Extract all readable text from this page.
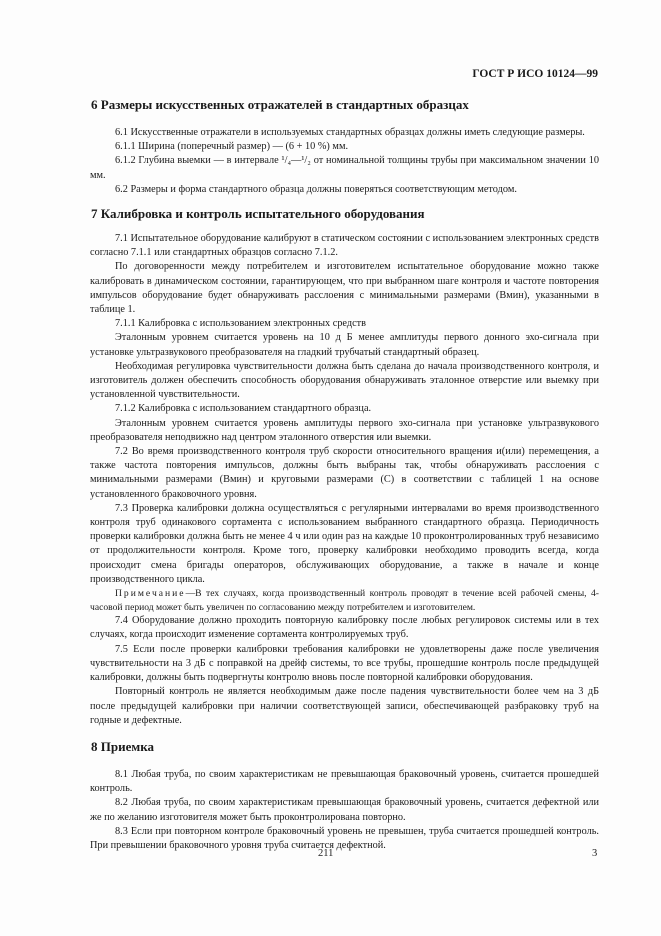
ГОСТ Р ИСО 10124—99
6 Размеры искусственных отражателей в стандартных образцах

6.1 Искусственные отражатели в используемых стандартных образцах должны иметь следующие размеры.

6.1.1 Ширина (поперечный размер) — (6 + 10 %) мм.

6.1.2 Глубина выемки — в интервале ¹/₄—¹/₂ от номинальной толщины трубы при максимальном значении 10 мм.

6.2 Размеры и форма стандартного образца должны поверяться соответствующим методом.

7 Калибровка и контроль испытательного оборудования

7.1 Испытательное оборудование калибруют в статическом состоянии с использованием электронных средств согласно 7.1.1 или стандартных образцов согласно 7.1.2.

По договоренности между потребителем и изготовителем испытательное оборудование можно также калибровать в динамическом состоянии, гарантирующем, что при выбранном шаге контроля и частоте повторения импульсов оборудование будет обнаруживать расслоения с минимальными размерами (Bмин), указанными в таблице 1.

7.1.1 Калибровка с использованием электронных средств

Эталонным уровнем считается уровень на 10 д Б менее амплитуды первого донного эхо-сигнала при установке ультразвукового преобразователя на гладкий трубчатый стандартный образец.

Необходимая регулировка чувствительности должна быть сделана до начала производственного контроля, и изготовитель должен обеспечить способность оборудования обнаруживать эталонное отверстие или выемку при установленной чувствительности.

7.1.2 Калибровка с использованием стандартного образца.

Эталонным уровнем считается уровень амплитуды первого эхо-сигнала при установке ультразвукового преобразователя неподвижно над центром эталонного отверстия или выемки.

7.2 Во время производственного контроля труб скорости относительного вращения и(или) перемещения, а также частота повторения импульсов, должны быть выбраны так, чтобы обнаруживать расслоения с минимальными размерами (Bмин) и круговыми размерами (C) в соответствии с таблицей 1 на основе установленного браковочного уровня.

7.3 Проверка калибровки должна осуществляться с регулярными интервалами во время производственного контроля труб одинакового сортамента с использованием выбранного стандартного образца. Периодичность проверки калибровки должна быть не менее 4 ч или один раз на каждые 10 проконтролированных труб независимо от продолжительности контроля. Кроме того, проверку калибровки необходимо проводить всегда, когда происходит смена бригады операторов, обслуживающих оборудование, а также в начале и конце производственного цикла.

Примечание—В тех случаях, когда производственный контроль проводят в течение всей рабочей смены, 4-часовой период может быть увеличен по согласованию между потребителем и изготовителем.

7.4 Оборудование должно проходить повторную калибровку после любых регулировок системы или в тех случаях, когда происходит изменение сортамента контролируемых труб.

7.5 Если после проверки калибровки требования калибровки не удовлетворены даже после увеличения чувствительности на 3 дБ с поправкой на дрейф системы, то все трубы, прошедшие контроль после предыдущей калибровки, должны быть подвергнуты контролю вновь после повторной калибровки оборудования.

Повторный контроль не является необходимым даже после падения чувствительности более чем на 3 дБ после предыдущей калибровки при наличии соответствующей записи, обеспечивающей разбраковку труб на годные и дефектные.

8 Приемка

8.1 Любая труба, по своим характеристикам не превышающая браковочный уровень, считается прошедшей контроль.

8.2 Любая труба, по своим характеристикам превышающая браковочный уровень, считается дефектной или же по желанию изготовителя может быть проконтролирована повторно.

8.3 Если при повторном контроле браковочный уровень не превышен, труба считается прошедшей контроль. При превышении браковочного уровня труба считается дефектной.

211	3
